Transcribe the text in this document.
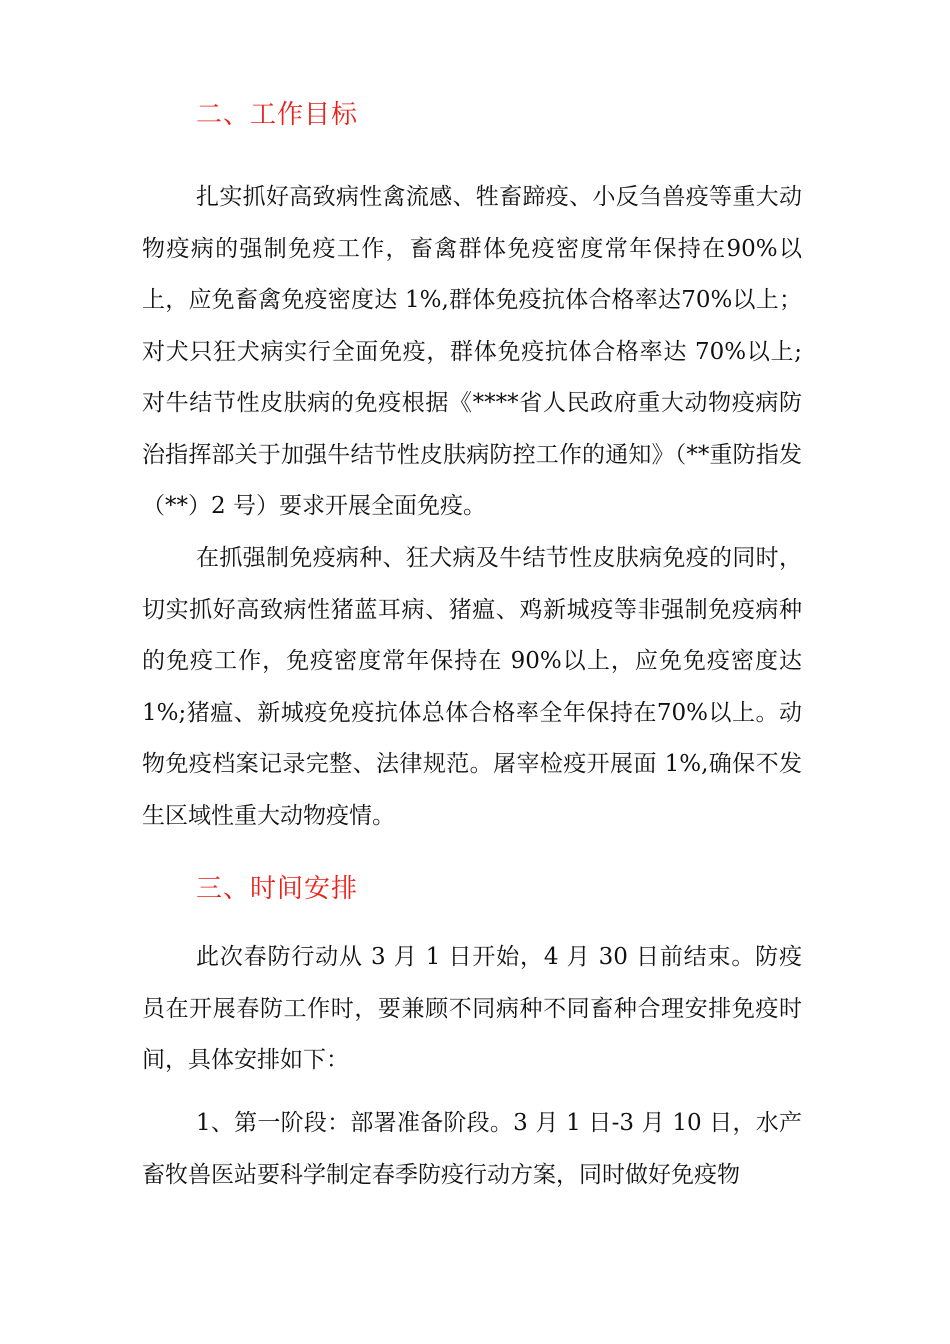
二、工作目标

扎实抓好高致病性禽流感、牲畜蹄疫、小反刍兽疫等重大动物疫病的强制免疫工作，畜禽群体免疫密度常年保持在90%以上，应免畜禽免疫密度达 1%,群体免疫抗体合格率达70%以上；对犬只狂犬病实行全面免疫，群体免疫抗体合格率达 70%以上;对牛结节性皮肤病的免疫根据《****省人民政府重大动物疫病防治指挥部关于加强牛结节性皮肤病防控工作的通知》（**重防指发（**）2 号）要求开展全面免疫。

在抓强制免疫病种、狂犬病及牛结节性皮肤病免疫的同时，切实抓好高致病性猪蓝耳病、猪瘟、鸡新城疫等非强制免疫病种的免疫工作，免疫密度常年保持在 90%以上，应免免疫密度达 1%;猪瘟、新城疫免疫抗体总体合格率全年保持在70%以上。动物免疫档案记录完整、法律规范。屠宰检疫开展面 1%,确保不发生区域性重大动物疫情。

三、时间安排

此次春防行动从 3 月 1 日开始，4 月 30 日前结束。防疫员在开展春防工作时，要兼顾不同病种不同畜种合理安排免疫时间，具体安排如下：

1、第一阶段：部署准备阶段。3 月 1 日-3 月 10 日，水产畜牧兽医站要科学制定春季防疫行动方案，同时做好免疫物
